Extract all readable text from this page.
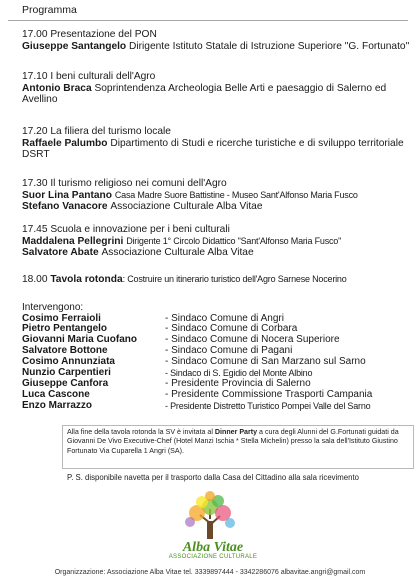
Programma
17.00 Presentazione del PON
Giuseppe Santangelo Dirigente Istituto Statale di Istruzione Superiore "G. Fortunato"
17.10 I beni culturali dell'Agro
Antonio Braca Soprintendenza Archeologia Belle Arti e paesaggio di Salerno ed Avellino
17.20 La filiera del turismo locale
Raffaele Palumbo Dipartimento di Studi e ricerche turistiche e di sviluppo territoriale DSRT
17.30 Il turismo religioso nei comuni dell'Agro
Suor Lina Pantano Casa Madre Suore Battistine - Museo Sant'Alfonso Maria Fusco
Stefano Vanacore Associazione Culturale Alba Vitae
17.45 Scuola e innovazione per i beni culturali
Maddalena Pellegrini Dirigente 1° Circolo Didattico "Sant'Alfonso Maria Fusco"
Salvatore Abate Associazione Culturale Alba Vitae
18.00 Tavola rotonda: Costruire un itinerario turistico dell'Agro Sarnese Nocerino
Intervengono:
Cosimo Ferraioli	- Sindaco Comune di Angri
Pietro Pentangelo	- Sindaco Comune di Corbara
Giovanni Maria Cuofano	- Sindaco Comune di Nocera Superiore
Salvatore Bottone	- Sindaco Comune di Pagani
Cosimo Annunziata	- Sindaco Comune di San Marzano sul Sarno
Nunzio Carpentieri	- Sindaco di S. Egidio del Monte Albino
Giuseppe Canfora	- Presidente Provincia di Salerno
Luca Cascone	- Presidente Commissione Trasporti Campania
Enzo Marrazzo	- Presidente Distretto Turistico Pompei Valle del Sarno
Alla fine della tavola rotonda la SV è invitata al Dinner Party a cura degli Alunni del G.Fortunati guidati da Giovanni De Vivo Executive-Chef (Hotel Manzi Ischia * Stella Michelin) presso la sala dell'Istituto Giustino Fortunato Via Cuparella 1 Angri (SA).
P. S. disponibile navetta per il trasporto dalla Casa del Cittadino alla sala ricevimento
Alba Vitae
ASSOCIAZIONE CULTURALE
Organizzazione: Associazione Alba Vitae tel. 3339897444 - 3342286076 albavitae.angri@gmail.com
